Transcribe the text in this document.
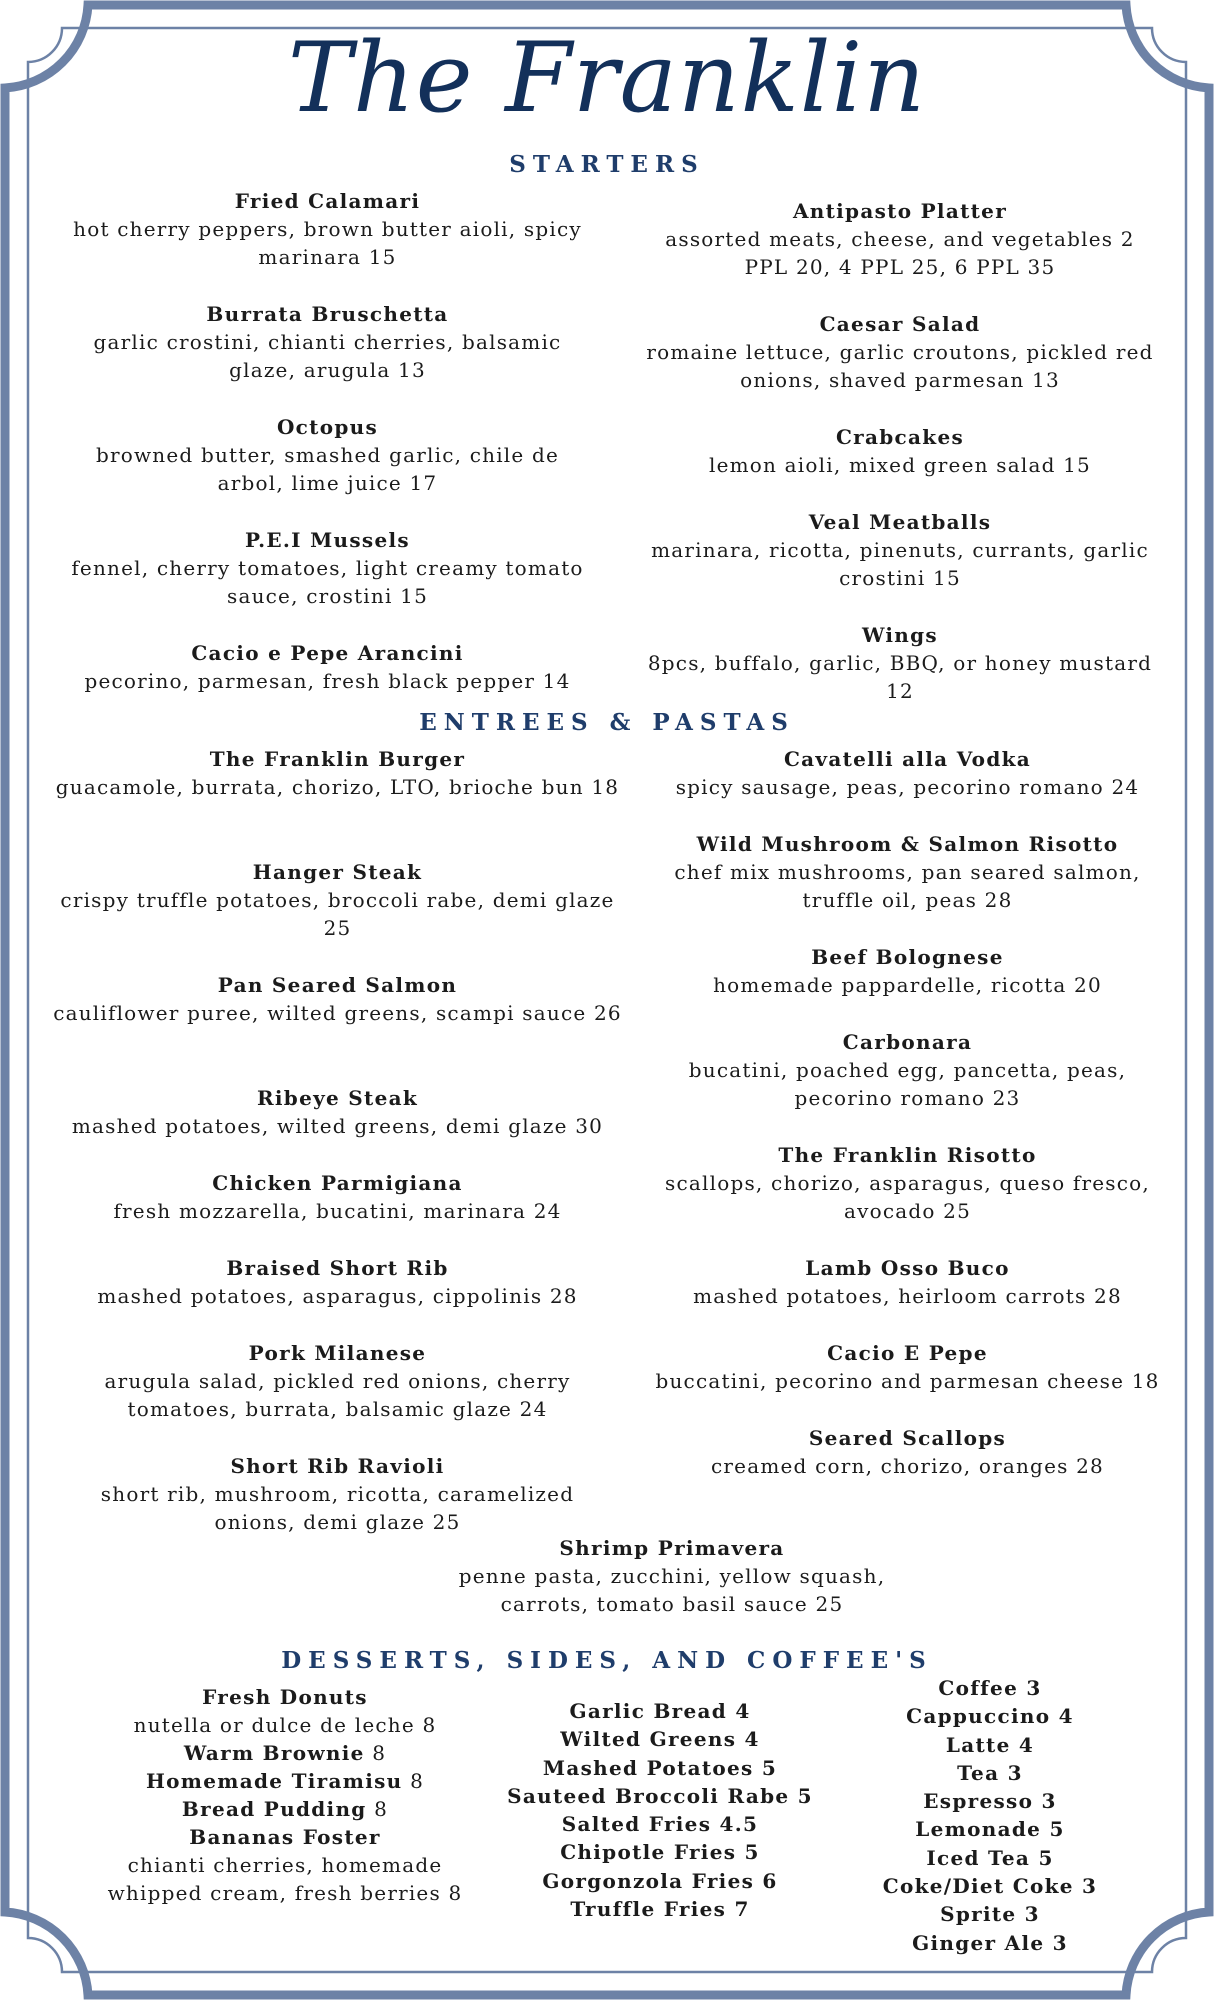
The Franklin
STARTERS
Fried Calamari
hot cherry peppers, brown butter aioli, spicy marinara 15
Burrata Bruschetta
garlic crostini, chianti cherries, balsamic glaze, arugula 13
Octopus
browned butter, smashed garlic, chile de arbol, lime juice 17
P.E.I Mussels
fennel, cherry tomatoes, light creamy tomato sauce, crostini 15
Cacio e Pepe Arancini
pecorino, parmesan, fresh black pepper 14
Antipasto Platter
assorted meats, cheese, and vegetables 2 PPL 20, 4 PPL 25, 6 PPL 35
Caesar Salad
romaine lettuce, garlic croutons, pickled red onions, shaved parmesan 13
Crabcakes
lemon aioli, mixed green salad 15
Veal Meatballs
marinara, ricotta, pinenuts, currants, garlic crostini 15
Wings
8pcs, buffalo, garlic, BBQ, or honey mustard 12
ENTREES & PASTAS
The Franklin Burger
guacamole, burrata, chorizo, LTO, brioche bun 18
Hanger Steak
crispy truffle potatoes, broccoli rabe, demi glaze 25
Pan Seared Salmon
cauliflower puree, wilted greens, scampi sauce 26
Ribeye Steak
mashed potatoes, wilted greens, demi glaze 30
Chicken Parmigiana
fresh mozzarella, bucatini, marinara 24
Braised Short Rib
mashed potatoes, asparagus, cippolinis 28
Pork Milanese
arugula salad, pickled red onions, cherry tomatoes, burrata, balsamic glaze 24
Short Rib Ravioli
short rib, mushroom, ricotta, caramelized onions, demi glaze 25
Cavatelli alla Vodka
spicy sausage, peas, pecorino romano 24
Wild Mushroom & Salmon Risotto
chef mix mushrooms, pan seared salmon, truffle oil, peas 28
Beef Bolognese
homemade pappardelle, ricotta 20
Carbonara
bucatini, poached egg, pancetta, peas, pecorino romano 23
The Franklin Risotto
scallops, chorizo, asparagus, queso fresco, avocado 25
Lamb Osso Buco
mashed potatoes, heirloom carrots 28
Cacio E Pepe
buccatini, pecorino and parmesan cheese 18
Seared Scallops
creamed corn, chorizo, oranges 28
Shrimp Primavera
penne pasta, zucchini, yellow squash, carrots, tomato basil sauce 25
DESSERTS, SIDES, AND COFFEE'S
Fresh Donuts
nutella or dulce de leche 8
Warm Brownie 8
Homemade Tiramisu 8
Bread Pudding 8
Bananas Foster
chianti cherries, homemade whipped cream, fresh berries 8
Garlic Bread 4
Wilted Greens 4
Mashed Potatoes 5
Sauteed Broccoli Rabe 5
Salted Fries 4.5
Chipotle Fries 5
Gorgonzola Fries 6
Truffle Fries 7
Coffee 3
Cappuccino 4
Latte 4
Tea 3
Espresso 3
Lemonade 5
Iced Tea 5
Coke/Diet Coke 3
Sprite 3
Ginger Ale 3
